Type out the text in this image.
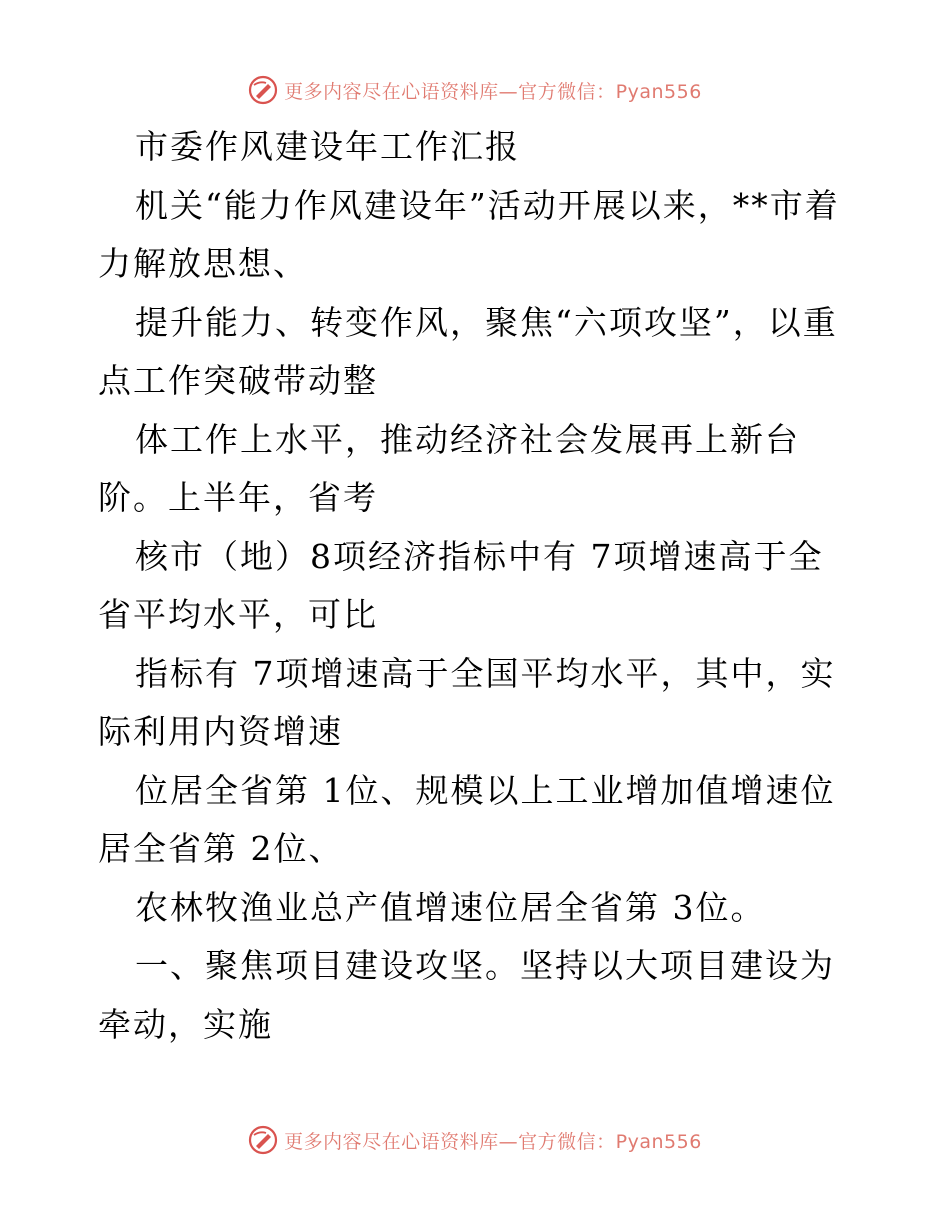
更多内容尽在心语资料库—官方微信：Pyan556

市委作风建设年工作汇报

机关“能力作风建设年”活动开展以来，**市着力解放思想、

提升能力、转变作风，聚焦“六项攻坚”，以重点工作突破带动整

体工作上水平，推动经济社会发展再上新台阶。上半年，省考

核市（地）8项经济指标中有 7项增速高于全省平均水平，可比

指标有 7项增速高于全国平均水平，其中，实际利用内资增速

位居全省第 1位、规模以上工业增加值增速位居全省第 2位、

农林牧渔业总产值增速位居全省第 3位。

一、聚焦项目建设攻坚。坚持以大项目建设为牵动，实施

更多内容尽在心语资料库—官方微信：Pyan556
